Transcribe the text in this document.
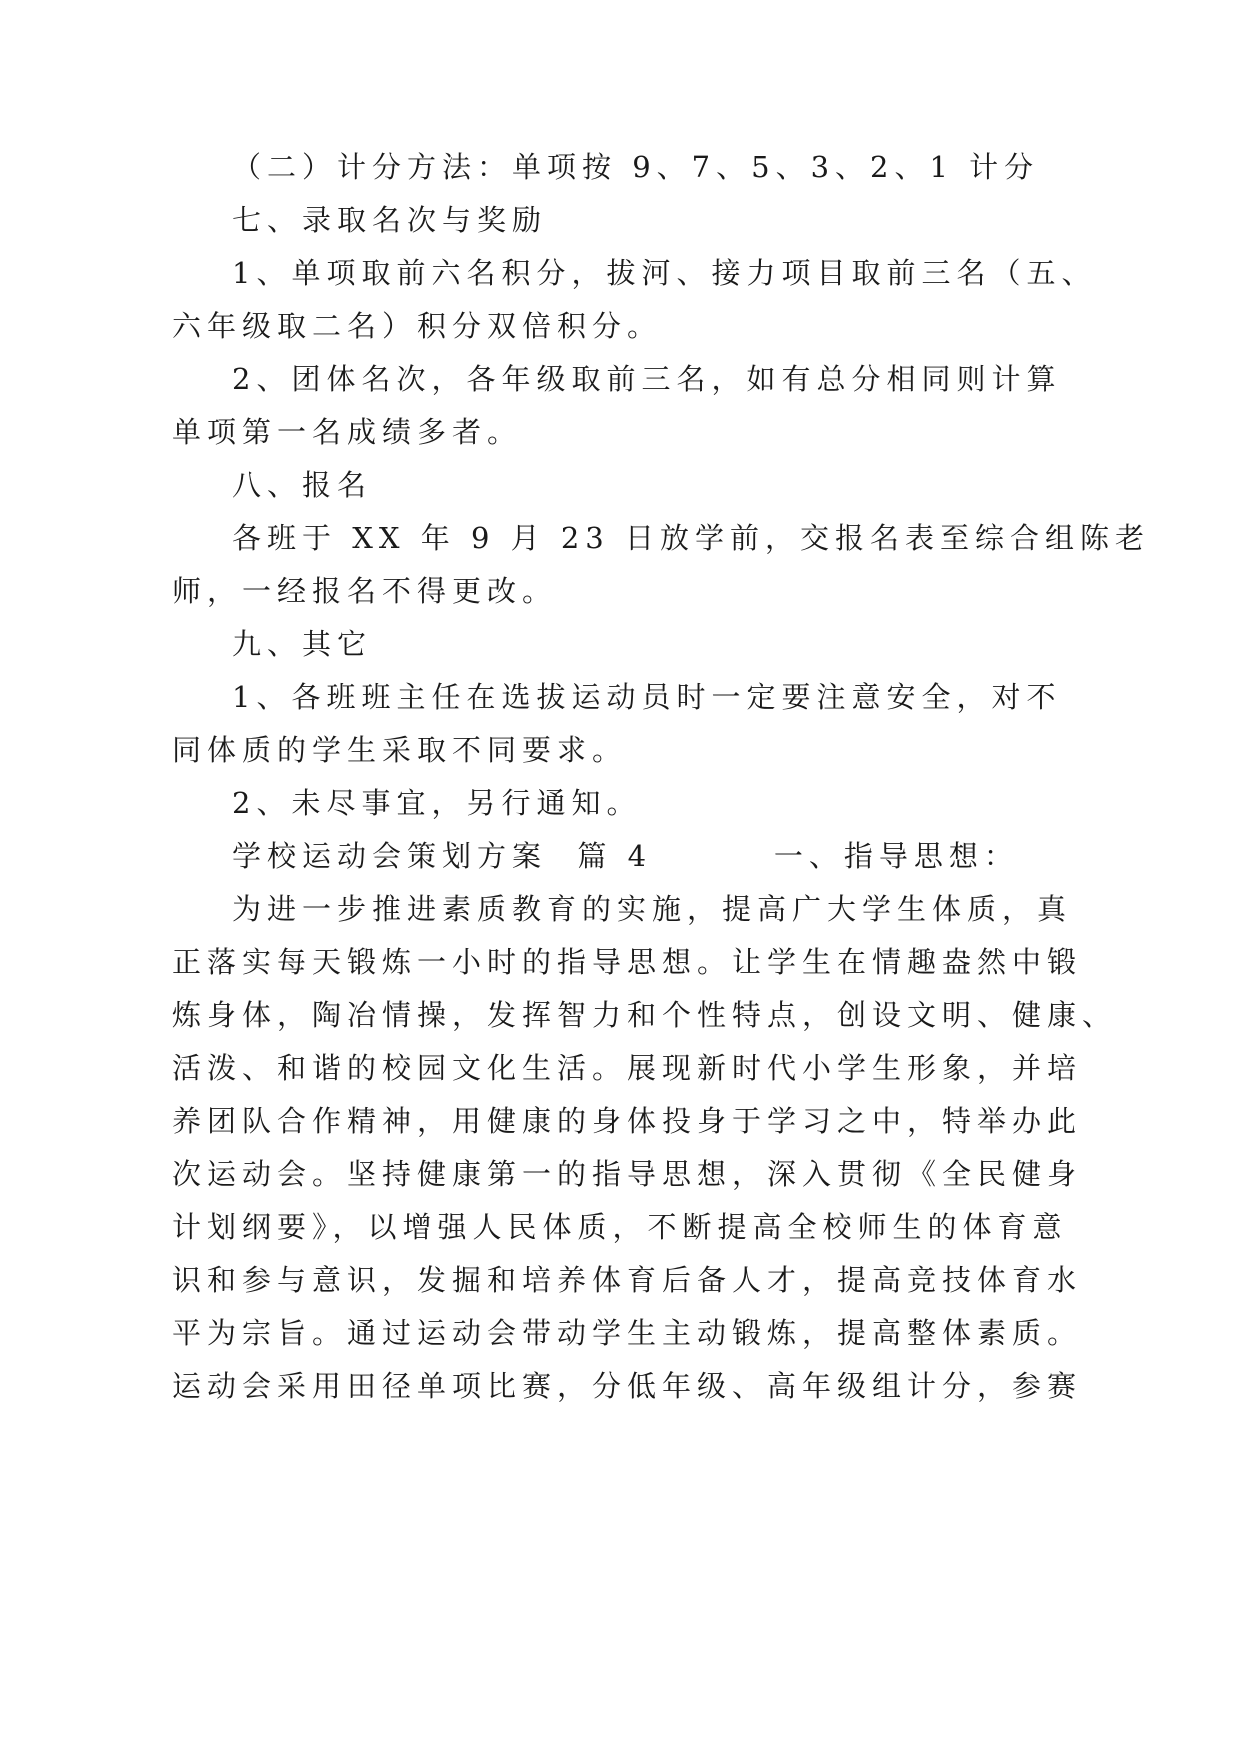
（二）计分方法：单项按 9、7、5、3、2、1 计分

七、录取名次与奖励

1、单项取前六名积分，拔河、接力项目取前三名（五、

六年级取二名）积分双倍积分。

2、团体名次，各年级取前三名，如有总分相同则计算

单项第一名成绩多者。

八、报名

各班于 XX 年 9 月 23 日放学前，交报名表至综合组陈老

师，一经报名不得更改。

九、其它

1、各班班主任在选拔运动员时一定要注意安全，对不

同体质的学生采取不同要求。

2、未尽事宜，另行通知。

学校运动会策划方案  篇 4        一、指导思想：

为进一步推进素质教育的实施，提高广大学生体质，真

正落实每天锻炼一小时的指导思想。让学生在情趣盎然中锻

炼身体，陶冶情操，发挥智力和个性特点，创设文明、健康、

活泼、和谐的校园文化生活。展现新时代小学生形象，并培

养团队合作精神，用健康的身体投身于学习之中，特举办此

次运动会。坚持健康第一的指导思想，深入贯彻《全民健身

计划纲要》，以增强人民体质，不断提高全校师生的体育意

识和参与意识，发掘和培养体育后备人才，提高竞技体育水

平为宗旨。通过运动会带动学生主动锻炼，提高整体素质。

运动会采用田径单项比赛，分低年级、高年级组计分，参赛
